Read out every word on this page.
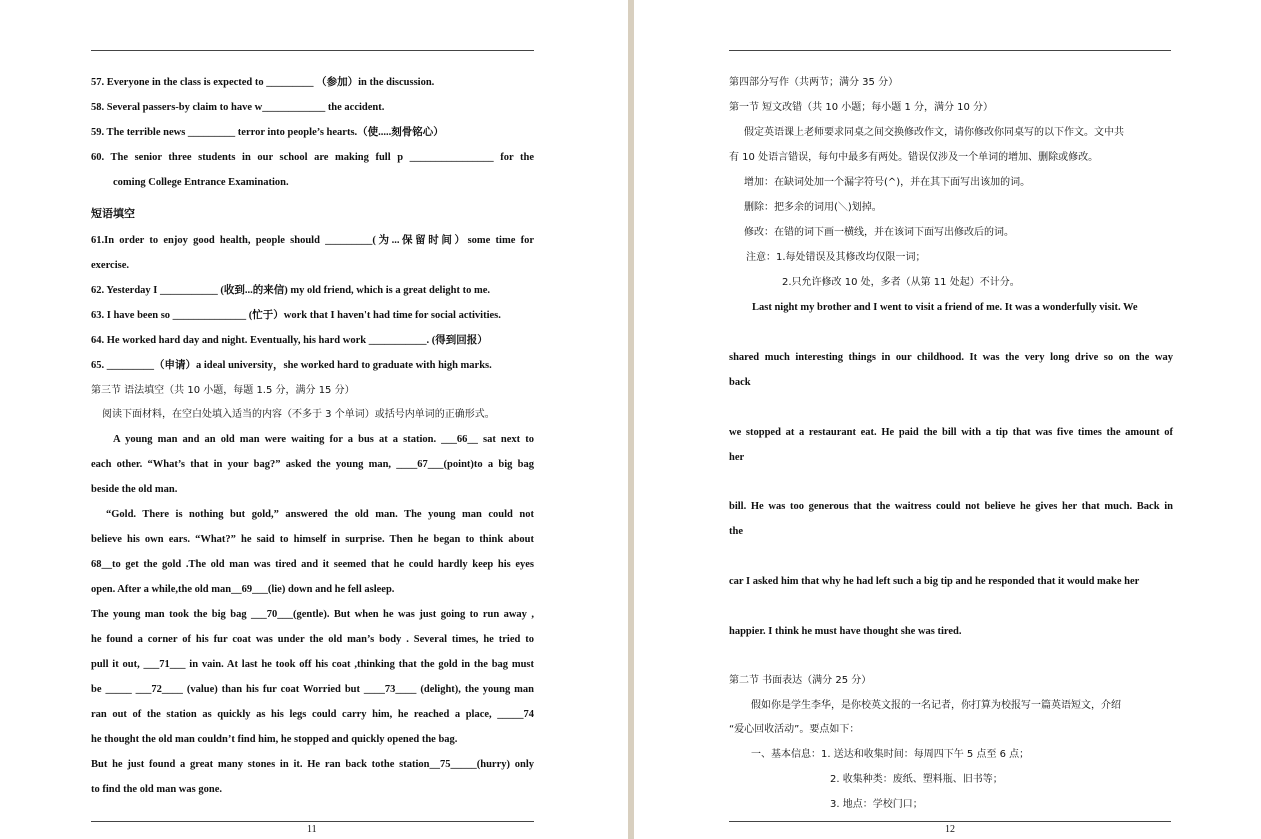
57. Everyone in the class is expected to _________ （参加）in the discussion.
58. Several passers-by claim to have w____________ the accident.
59. The terrible news _________ terror into people’s hearts.（使.....刻骨铭心）
60. The senior three students in our school are making full p ________________ for the
coming College Entrance Examination.
短语填空
61.In order to enjoy good health, people should _________(为...保留时间）some time for
exercise.
62. Yesterday I ___________ (收到...的来信) my old friend, which is a great delight to me.
63. I have been so ______________ (忙于）work that I haven't had time for social activities.
64. He worked hard day and night. Eventually, his hard work ___________. (得到回报）
65. _________（申请）a ideal university，she worked hard to graduate with high marks.
第三节 语法填空（共 10 小题，每题 1.5 分，满分 15 分）
阅读下面材料，在空白处填入适当的内容（不多于 3 个单词）或括号内单词的正确形式。
A young man and an old man were waiting for a bus at a station. ___66__ sat next to
each other. “What’s that in your bag?” asked the young man, ____67___(point)to a big bag
beside the old man.
“Gold. There is nothing but gold,” answered the old man. The young man could not
believe his own ears. “What?” he said to himself in surprise. Then he began to think about
68__to get the gold .The old man was tired and it seemed that he could hardly keep his eyes
open. After a while,the old man__69___(lie) down and he fell asleep.
The young man took the big bag ___70___(gentle). But when he was just going to run away ,
he found a corner of his fur coat was under the old man’s body . Several times, he tried to
pull it out, ___71___ in vain. At last he took off his coat ,thinking that the gold in the bag must
be _____ ___72____ (value) than his fur coat Worried but ____73____ (delight), the young man
ran out of the station as quickly as his legs could carry him, he reached a place, _____74
he thought the old man couldn’t find him, he stopped and quickly opened the bag.
But he just found a great many stones in it. He ran back tothe station__75_____(hurry) only
to find the old man was gone.
11
第四部分写作（共两节；满分 35 分）
第一节 短文改错（共 10 小题；每小题 1 分，满分 10 分）
假定英语课上老师要求同桌之间交换修改作文，请你修改你同桌写的以下作文。文中共
有 10 处语言错误，每句中最多有两处。错误仅涉及一个单词的增加、删除或修改。
增加：在缺词处加一个漏字符号(^)，并在其下面写出该加的词。
删除：把多余的词用(＼)划掉。
修改：在错的词下画一横线，并在该词下面写出修改后的词。
注意：1.每处错误及其修改均仅限一词；
2.只允许修改 10 处，多者（从第 11 处起）不计分。
Last night my brother and I went to visit a friend of me. It was a wonderfully visit. We
shared much interesting things in our childhood. It was the very long drive so on the way
back
we stopped at a restaurant eat. He paid the bill with a tip that was five times the amount of
her
bill. He was too generous that the waitress could not believe he gives her that much. Back in
the
car I asked him that why he had left such a big tip and he responded that it would make her
happier. I think he must have thought she was tired.
第二节 书面表达（满分 25 分）
假如你是学生李华，是你校英文报的一名记者，你打算为校报写一篇英语短文，介绍
“爱心回收活动”。要点如下：
一、基本信息：1. 送达和收集时间：每周四下午 5 点至 6 点；
2. 收集种类：废纸、塑料瓶、旧书等；
3. 地点：学校门口；
12
